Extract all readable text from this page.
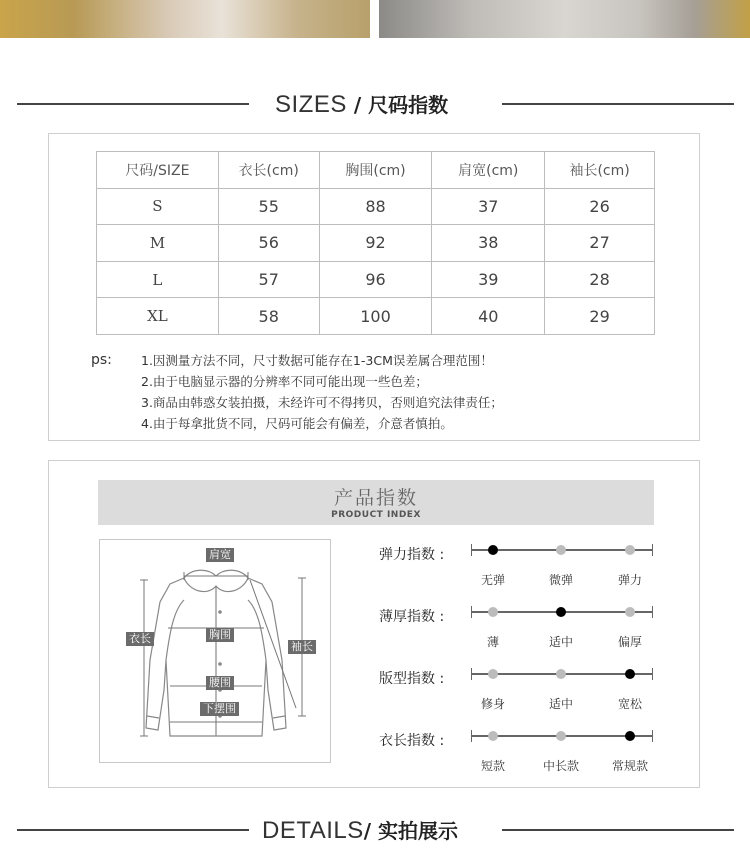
SIZES / 尺码指数
尺码/SIZE	衣长(cm)	胸围(cm)	肩宽(cm)	袖长(cm)
S	55	88	37	26
M	56	92	38	27
L	57	96	39	28
XL	58	100	40	29
ps: 1.因测量方法不同，尺寸数据可能存在1-3CM误差属合理范围！
2.由于电脑显示器的分辨率不同可能出现一些色差；
3.商品由韩惑女装拍摄，未经许可不得拷贝，否则追究法律责任；
4.由于每拿批货不同，尺码可能会有偏差，介意者慎拍。
产品指数
PRODUCT INDEX
肩宽
衣长	胸围
袖长
腰围
下摆围
弹力指数 :
无弹	微弹	弹力
薄厚指数 :
薄	适中	偏厚
版型指数 :
修身	适中	宽松
衣长指数 :
短款	中长款	常规款
DETAILS/ 实拍展示
